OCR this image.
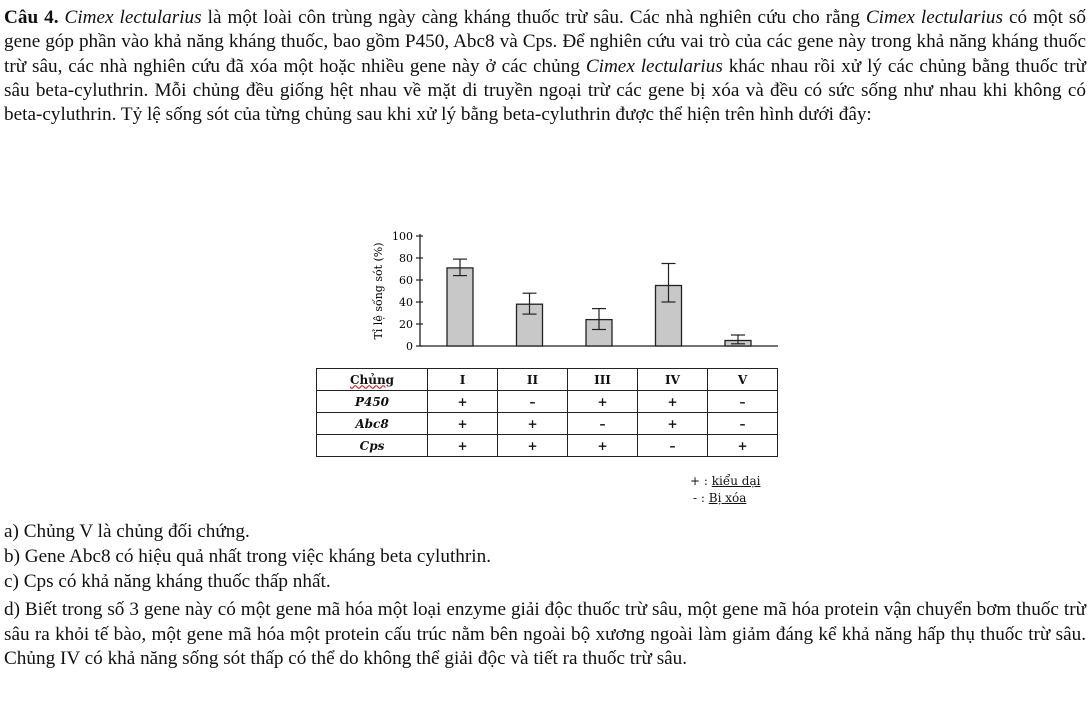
Câu 4. Cimex lectularius là một loài côn trùng ngày càng kháng thuốc trừ sâu. Các nhà nghiên cứu cho rằng Cimex lectularius có một số gene góp phần vào khả năng kháng thuốc, bao gồm P450, Abc8 và Cps. Để nghiên cứu vai trò của các gene này trong khả năng kháng thuốc trừ sâu, các nhà nghiên cứu đã xóa một hoặc nhiều gene này ở các chủng Cimex lectularius khác nhau rồi xử lý các chủng bằng thuốc trừ sâu beta-cyluthrin. Mỗi chủng đều giống hệt nhau về mặt di truyền ngoại trừ các gene bị xóa và đều có sức sống như nhau khi không có beta-cyluthrin. Tỷ lệ sống sót của từng chủng sau khi xử lý bằng beta-cyluthrin được thể hiện trên hình dưới đây:
0
20
40
60
80
100
Tỉ lệ sống sót (%)
Chủng	I	II	III	IV	V
P450	+	–	+	+	–
Abc8	+	+	–	+	–
Cps	+	+	+	–	+
+ : kiểu dại
- : Bị xóa
a) Chủng V là chủng đối chứng.
b) Gene Abc8 có hiệu quả nhất trong việc kháng beta cyluthrin.
c) Cps có khả năng kháng thuốc thấp nhất.
d) Biết trong số 3 gene này có một gene mã hóa một loại enzyme giải độc thuốc trừ sâu, một gene mã hóa protein vận chuyển bơm thuốc trừ sâu ra khỏi tế bào, một gene mã hóa một protein cấu trúc nằm bên ngoài bộ xương ngoài làm giảm đáng kể khả năng hấp thụ thuốc trừ sâu. Chủng IV có khả năng sống sót thấp có thể do không thể giải độc và tiết ra thuốc trừ sâu.
